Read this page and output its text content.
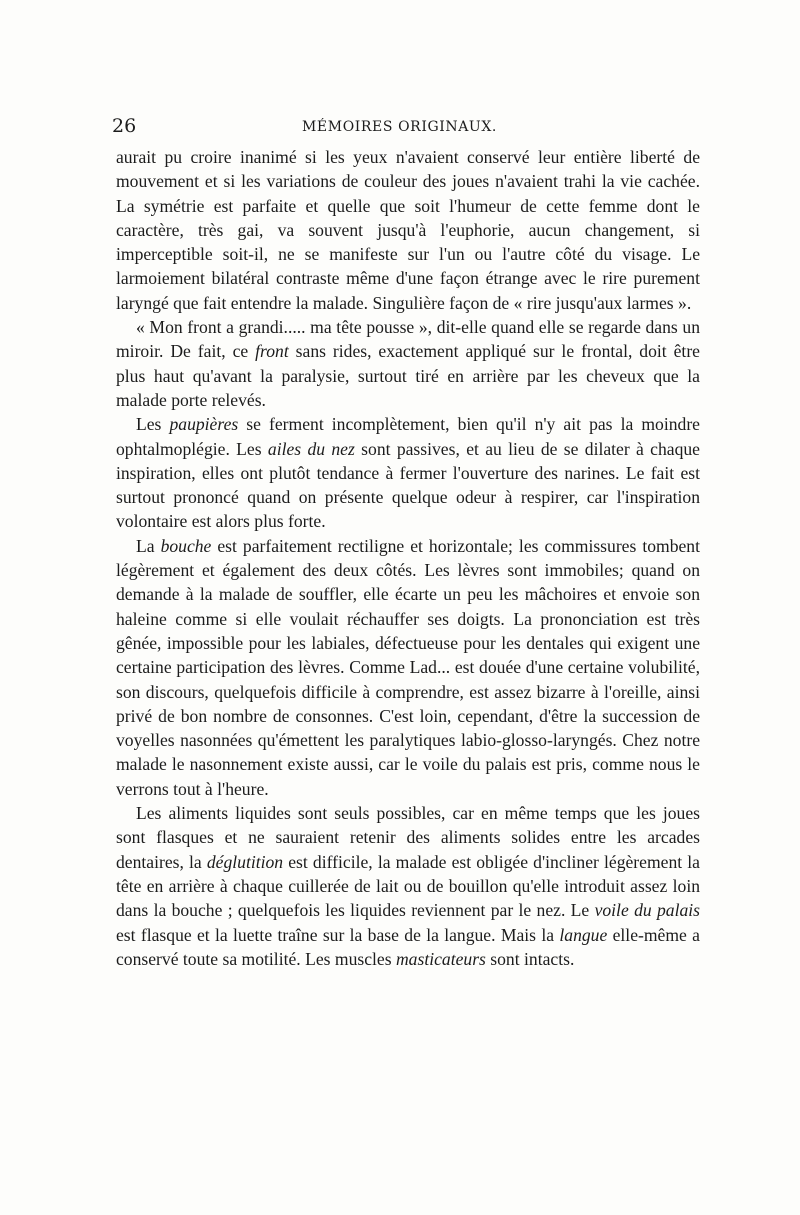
26	MÉMOIRES ORIGINAUX.

aurait pu croire inanimé si les yeux n'avaient conservé leur entière liberté de mouvement et si les variations de couleur des joues n'avaient trahi la vie cachée. La symétrie est parfaite et quelle que soit l'humeur de cette femme dont le caractère, très gai, va souvent jusqu'à l'euphorie, aucun changement, si imperceptible soit-il, ne se manifeste sur l'un ou l'autre côté du visage. Le larmoiement bilatéral contraste même d'une façon étrange avec le rire purement laryngé que fait entendre la malade. Singulière façon de « rire jusqu'aux larmes ».

« Mon front a grandi..... ma tête pousse », dit-elle quand elle se regarde dans un miroir. De fait, ce front sans rides, exactement appliqué sur le frontal, doit être plus haut qu'avant la paralysie, surtout tiré en arrière par les cheveux que la malade porte relevés.

Les paupières se ferment incomplètement, bien qu'il n'y ait pas la moindre ophtalmoplégie. Les ailes du nez sont passives, et au lieu de se dilater à chaque inspiration, elles ont plutôt tendance à fermer l'ouverture des narines. Le fait est surtout prononcé quand on présente quelque odeur à respirer, car l'inspiration volontaire est alors plus forte.

La bouche est parfaitement rectiligne et horizontale; les commissures tombent légèrement et également des deux côtés. Les lèvres sont immobiles; quand on demande à la malade de souffler, elle écarte un peu les mâchoires et envoie son haleine comme si elle voulait réchauffer ses doigts. La prononciation est très gênée, impossible pour les labiales, défectueuse pour les dentales qui exigent une certaine participation des lèvres. Comme Lad... est douée d'une certaine volubilité, son discours, quelquefois difficile à comprendre, est assez bizarre à l'oreille, ainsi privé de bon nombre de consonnes. C'est loin, cependant, d'être la succession de voyelles nasonnées qu'émettent les paralytiques labio-glosso-laryngés. Chez notre malade le nasonnement existe aussi, car le voile du palais est pris, comme nous le verrons tout à l'heure.

Les aliments liquides sont seuls possibles, car en même temps que les joues sont flasques et ne sauraient retenir des aliments solides entre les arcades dentaires, la déglutition est difficile, la malade est obligée d'incliner légèrement la tête en arrière à chaque cuillerée de lait ou de bouillon qu'elle introduit assez loin dans la bouche ; quelquefois les liquides reviennent par le nez. Le voile du palais est flasque et la luette traîne sur la base de la langue. Mais la langue elle-même a conservé toute sa motilité. Les muscles masticateurs sont intacts.
